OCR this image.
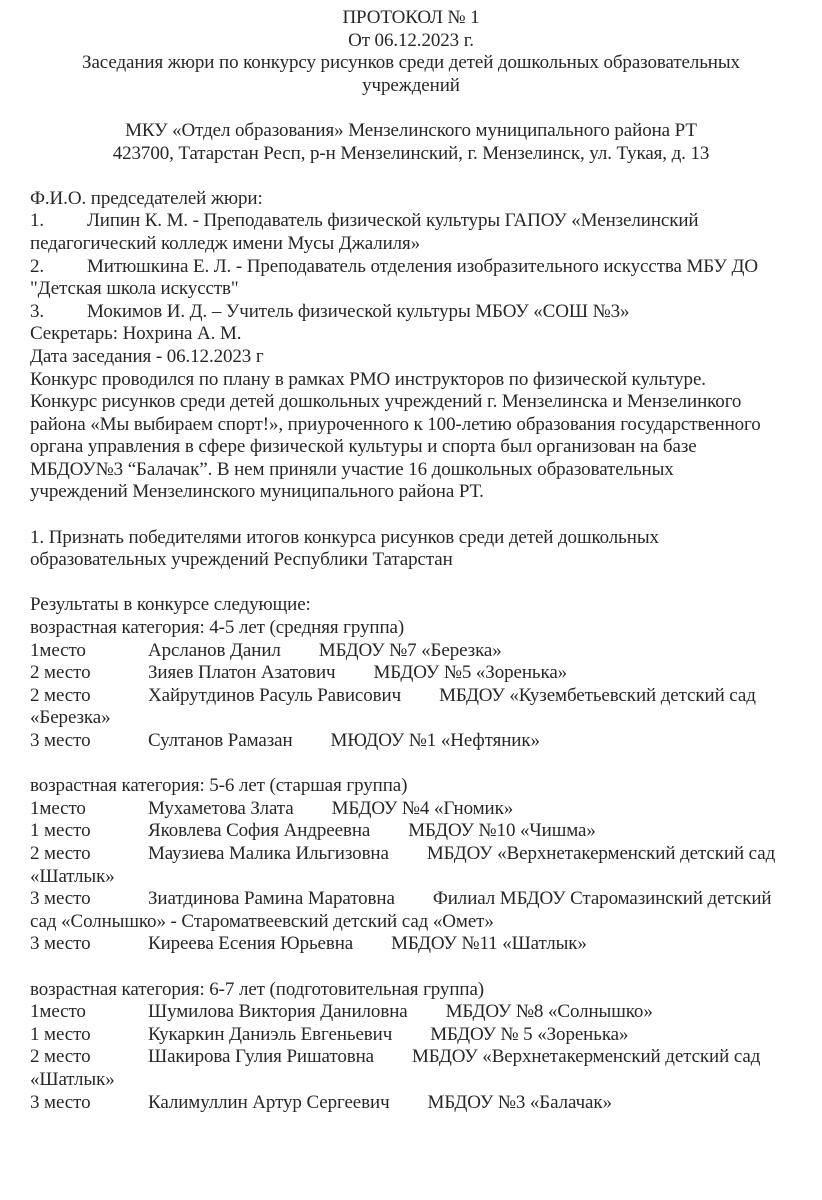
ПРОТОКОЛ № 1
От 06.12.2023 г.
Заседания жюри по конкурсу рисунков среди детей дошкольных образовательных
учреждений
МКУ «Отдел образования» Мензелинского муниципального района РТ
423700, Татарстан Респ, р-н Мензелинский, г. Мензелинск, ул. Тукая, д. 13
Ф.И.О. председателей жюри:
1. Липин К. М. - Преподаватель физической культуры ГАПОУ «Мензелинский
педагогический колледж имени Мусы Джалиля»
2. Митюшкина Е. Л. - Преподаватель отделения изобразительного искусства МБУ ДО
"Детская школа искусств"
3. Мокимов И. Д. – Учитель физической культуры МБОУ «СОШ №3»
Секретарь: Нохрина А. М.
Дата заседания - 06.12.2023 г
Конкурс проводился по плану в рамках РМО инструкторов по физической культуре.
Конкурс рисунков среди детей дошкольных учреждений г. Мензелинска и Мензелинкого
района «Мы выбираем спорт!», приуроченного к 100-летию образования государственного
органа управления в сфере физической культуры и спорта был организован на базе
МБДОУ№3 “Балачак”. В нем приняли участие 16 дошкольных образовательных
учреждений Мензелинского муниципального района РТ.
1. Признать победителями итогов конкурса рисунков среди детей дошкольных
образовательных учреждений Республики Татарстан
Результаты в конкурсе следующие:
возрастная категория: 4-5 лет (средняя группа)
1место	Арсланов Данил МБДОУ №7 «Березка»
2 место	Зияев Платон Азатович МБДОУ №5 «Зоренька»
2 место	Хайрутдинов Расуль Рависович МБДОУ «Кузембетьевский детский сад «Березка»
3 место	Султанов Рамазан МЮДОУ №1 «Нефтяник»
возрастная категория: 5-6 лет (старшая группа)
1место	Мухаметова Злата МБДОУ №4 «Гномик»
1 место	Яковлева София Андреевна МБДОУ №10 «Чишма»
2 место	Маузиева Малика Ильгизовна МБДОУ «Верхнетакерменский детский сад «Шатлык»
3 место	Зиатдинова Рамина Маратовна Филиал МБДОУ Старомазинский детский сад «Солнышко» - Староматвеевский детский сад «Омет»
3 место	Киреева Есения Юрьевна МБДОУ №11 «Шатлык»
возрастная категория: 6-7 лет (подготовительная группа)
1место	Шумилова Виктория Даниловна МБДОУ №8 «Солнышко»
1 место	Кукаркин Даниэль Евгеньевич МБДОУ № 5 «Зоренька»
2 место	Шакирова Гулия Ришатовна МБДОУ «Верхнетакерменский детский сад «Шатлык»
3 место	Калимуллин Артур Сергеевич МБДОУ №3 «Балачак»
